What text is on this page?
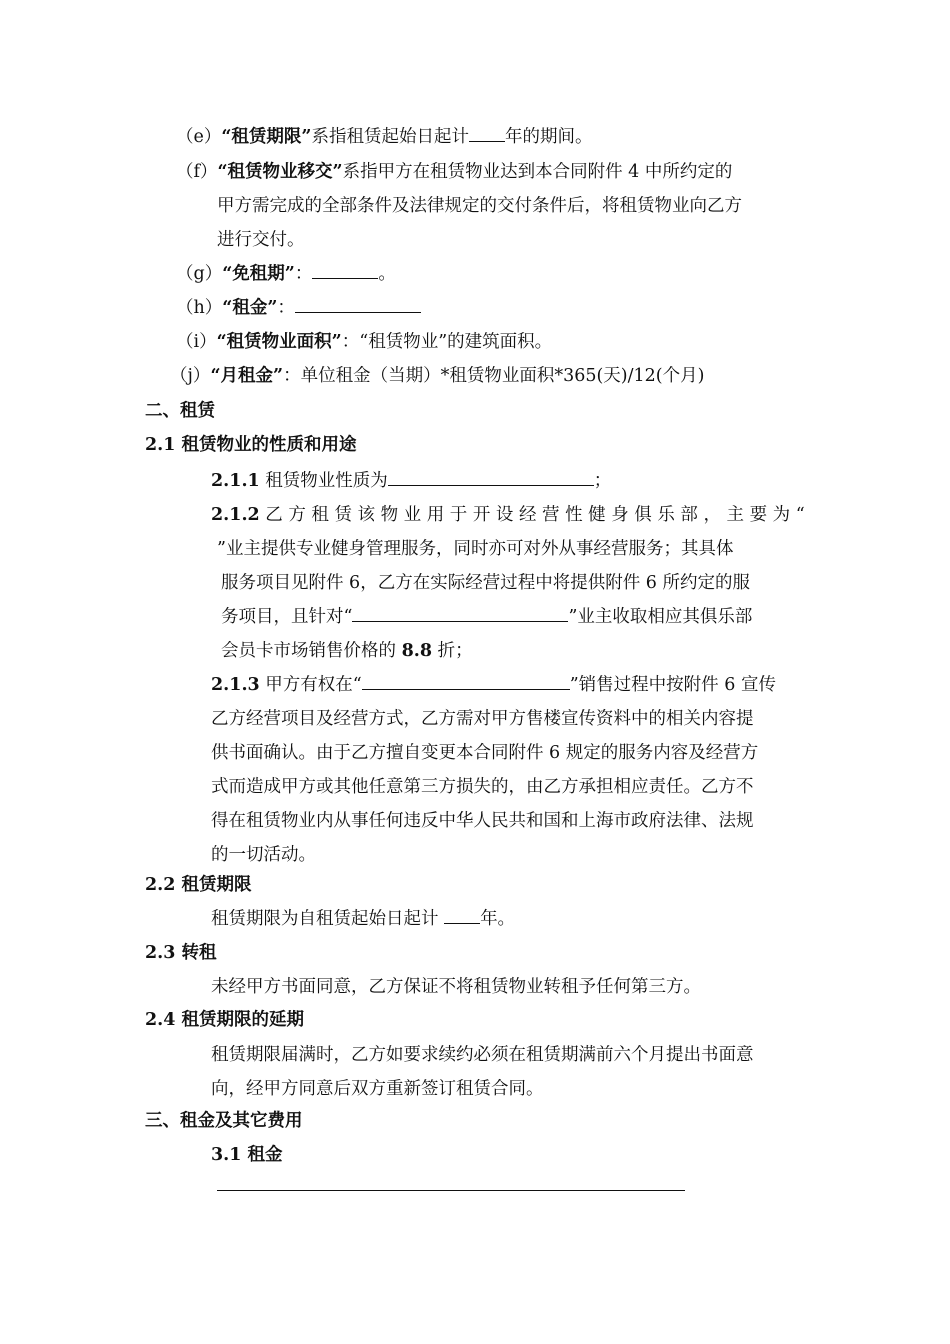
（e）“租赁期限”系指租赁起始日起计 年的期间。
（f）“租赁物业移交”系指甲方在租赁物业达到本合同附件 4 中所约定的
甲方需完成的全部条件及法律规定的交付条件后，将租赁物业向乙方
进行交付。
（g）“免租期”：	。
（h）“租金”：
（i）“租赁物业面积”：“租赁物业”的建筑面积。
（j）“月租金”：单位租金（当期）*租赁物业面积*365(天)/12(个月)
二、租赁
2.1 租赁物业的性质和用途
2.1.1 租赁物业性质为	；
2.1.2 乙 方 租 赁 该 物 业 用 于 开 设 经 营 性 健 身 俱 乐 部 ， 主 要 为 “
”业主提供专业健身管理服务，同时亦可对外从事经营服务；其具体
服务项目见附件 6，乙方在实际经营过程中将提供附件 6 所约定的服
务项目，且针对“	”业主收取相应其俱乐部
会员卡市场销售价格的 8.8 折；
2.1.3 甲方有权在“	”销售过程中按附件 6 宣传
乙方经营项目及经营方式，乙方需对甲方售楼宣传资料中的相关内容提
供书面确认。由于乙方擅自变更本合同附件 6 规定的服务内容及经营方
式而造成甲方或其他任意第三方损失的，由乙方承担相应责任。乙方不
得在租赁物业内从事任何违反中华人民共和国和上海市政府法律、法规
的一切活动。
2.2 租赁期限
租赁期限为自租赁起始日起计 年。
2.3 转租
未经甲方书面同意，乙方保证不将租赁物业转租予任何第三方。
2.4 租赁期限的延期
租赁期限届满时，乙方如要求续约必须在租赁期满前六个月提出书面意
向，经甲方同意后双方重新签订租赁合同。
三、租金及其它费用
3.1 租金
